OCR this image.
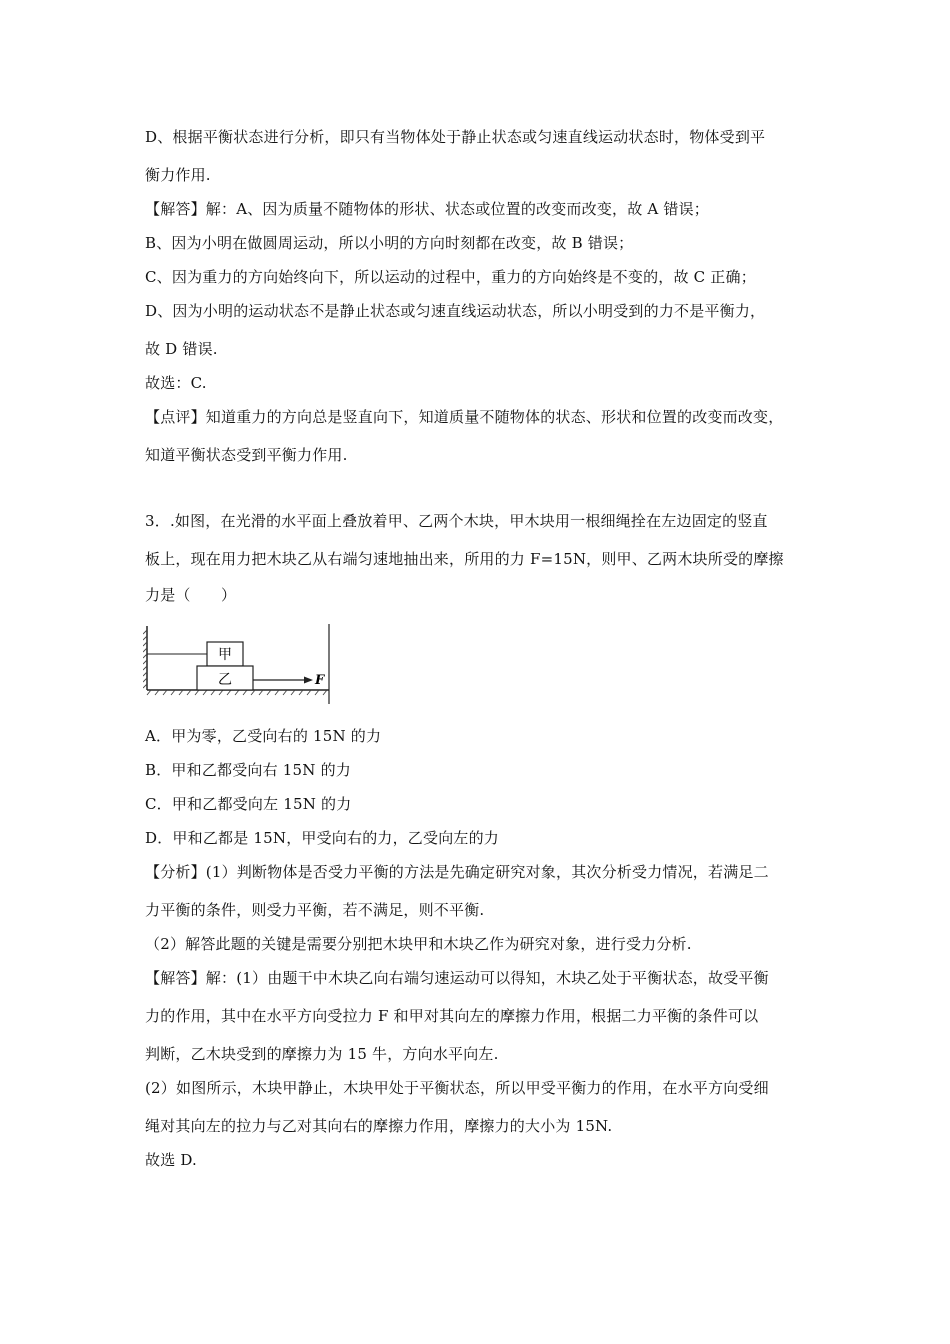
D、根据平衡状态进行分析，即只有当物体处于静止状态或匀速直线运动状态时，物体受到平
衡力作用.
【解答】解：A、因为质量不随物体的形状、状态或位置的改变而改变，故 A 错误；
B、因为小明在做圆周运动，所以小明的方向时刻都在改变，故 B 错误；
C、因为重力的方向始终向下，所以运动的过程中，重力的方向始终是不变的，故 C 正确；
D、因为小明的运动状态不是静止状态或匀速直线运动状态，所以小明受到的力不是平衡力，
故 D 错误.
故选：C.
【点评】知道重力的方向总是竖直向下，知道质量不随物体的状态、形状和位置的改变而改变，
知道平衡状态受到平衡力作用.
3．.如图，在光滑的水平面上叠放着甲、乙两个木块，甲木块用一根细绳拴在左边固定的竖直
板上，现在用力把木块乙从右端匀速地抽出来，所用的力 F=15N，则甲、乙两木块所受的摩擦
力是（　　）
甲
乙	F
A．甲为零，乙受向右的 15N 的力
B．甲和乙都受向右 15N 的力
C．甲和乙都受向左 15N 的力
D．甲和乙都是 15N，甲受向右的力，乙受向左的力
【分析】(1）判断物体是否受力平衡的方法是先确定研究对象，其次分析受力情况，若满足二
力平衡的条件，则受力平衡，若不满足，则不平衡.
（2）解答此题的关键是需要分别把木块甲和木块乙作为研究对象，进行受力分析.
【解答】解：(1）由题干中木块乙向右端匀速运动可以得知，木块乙处于平衡状态，故受平衡
力的作用，其中在水平方向受拉力 F 和甲对其向左的摩擦力作用，根据二力平衡的条件可以
判断，乙木块受到的摩擦力为 15 牛，方向水平向左.
(2）如图所示，木块甲静止，木块甲处于平衡状态，所以甲受平衡力的作用，在水平方向受细
绳对其向左的拉力与乙对其向右的摩擦力作用，摩擦力的大小为 15N.
故选 D.
